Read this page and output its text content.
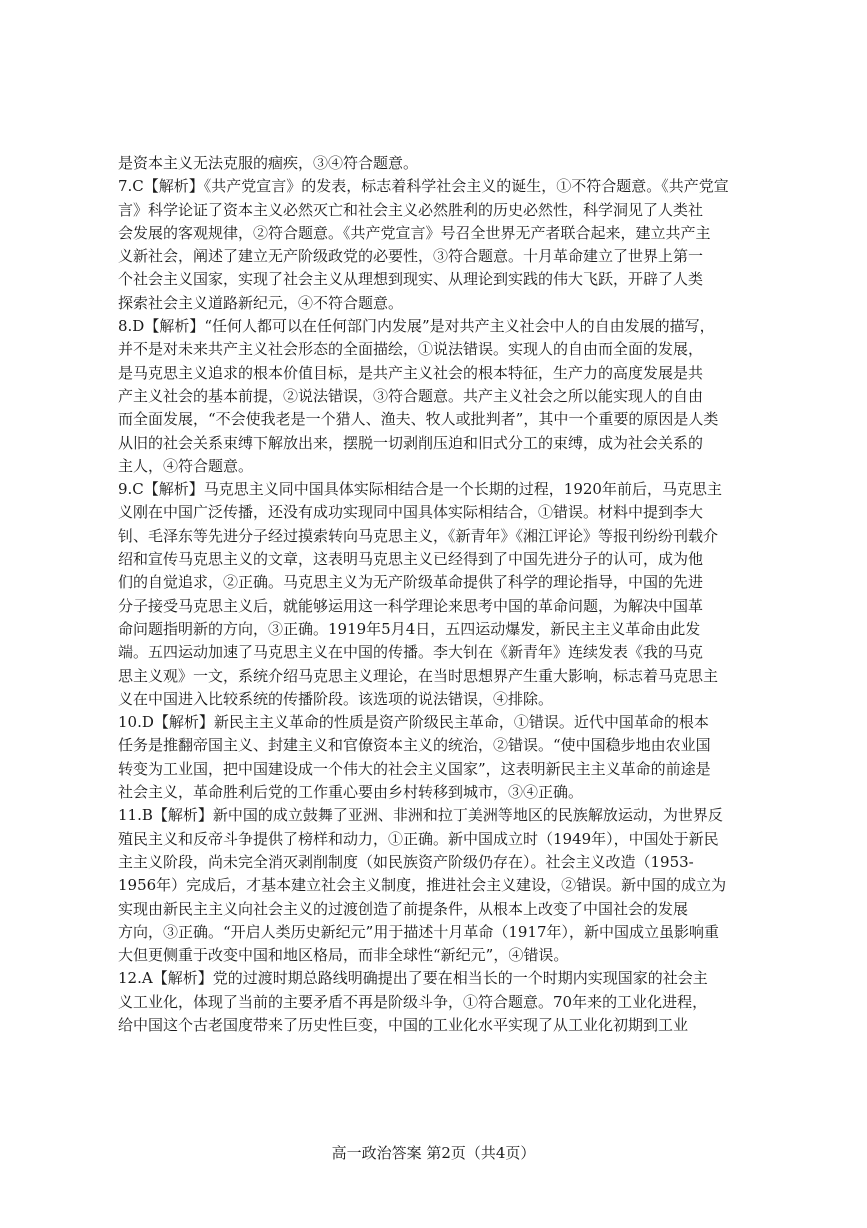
是资本主义无法克服的痼疾，③④符合题意。
7.C【解析】《共产党宣言》的发表，标志着科学社会主义的诞生，①不符合题意。《共产党宣
言》科学论证了资本主义必然灭亡和社会主义必然胜利的历史必然性，科学洞见了人类社
会发展的客观规律，②符合题意。《共产党宣言》号召全世界无产者联合起来，建立共产主
义新社会，阐述了建立无产阶级政党的必要性，③符合题意。十月革命建立了世界上第一
个社会主义国家，实现了社会主义从理想到现实、从理论到实践的伟大飞跃，开辟了人类
探索社会主义道路新纪元，④不符合题意。
8.D【解析】“任何人都可以在任何部门内发展”是对共产主义社会中人的自由发展的描写，
并不是对未来共产主义社会形态的全面描绘，①说法错误。实现人的自由而全面的发展，
是马克思主义追求的根本价值目标，是共产主义社会的根本特征，生产力的高度发展是共
产主义社会的基本前提，②说法错误，③符合题意。共产主义社会之所以能实现人的自由
而全面发展，“不会使我老是一个猎人、渔夫、牧人或批判者”，其中一个重要的原因是人类
从旧的社会关系束缚下解放出来，摆脱一切剥削压迫和旧式分工的束缚，成为社会关系的
主人，④符合题意。
9.C【解析】马克思主义同中国具体实际相结合是一个长期的过程，1920年前后，马克思主
义刚在中国广泛传播，还没有成功实现同中国具体实际相结合，①错误。材料中提到李大
钊、毛泽东等先进分子经过摸索转向马克思主义，《新青年》《湘江评论》等报刊纷纷刊载介
绍和宣传马克思主义的文章，这表明马克思主义已经得到了中国先进分子的认可，成为他
们的自觉追求，②正确。马克思主义为无产阶级革命提供了科学的理论指导，中国的先进
分子接受马克思主义后，就能够运用这一科学理论来思考中国的革命问题，为解决中国革
命问题指明新的方向，③正确。1919年5月4日，五四运动爆发，新民主主义革命由此发
端。五四运动加速了马克思主义在中国的传播。李大钊在《新青年》连续发表《我的马克
思主义观》一文，系统介绍马克思主义理论，在当时思想界产生重大影响，标志着马克思主
义在中国进入比较系统的传播阶段。该选项的说法错误，④排除。
10.D【解析】新民主主义革命的性质是资产阶级民主革命，①错误。近代中国革命的根本
任务是推翻帝国主义、封建主义和官僚资本主义的统治，②错误。“使中国稳步地由农业国
转变为工业国，把中国建设成一个伟大的社会主义国家”，这表明新民主主义革命的前途是
社会主义，革命胜利后党的工作重心要由乡村转移到城市，③④正确。
11.B【解析】新中国的成立鼓舞了亚洲、非洲和拉丁美洲等地区的民族解放运动，为世界反
殖民主义和反帝斗争提供了榜样和动力，①正确。新中国成立时（1949年），中国处于新民
主主义阶段，尚未完全消灭剥削制度（如民族资产阶级仍存在）。社会主义改造（1953-
1956年）完成后，才基本建立社会主义制度，推进社会主义建设，②错误。新中国的成立为
实现由新民主主义向社会主义的过渡创造了前提条件，从根本上改变了中国社会的发展
方向，③正确。“开启人类历史新纪元”用于描述十月革命（1917年），新中国成立虽影响重
大但更侧重于改变中国和地区格局，而非全球性“新纪元”，④错误。
12.A【解析】党的过渡时期总路线明确提出了要在相当长的一个时期内实现国家的社会主
义工业化，体现了当前的主要矛盾不再是阶级斗争，①符合题意。70年来的工业化进程，
给中国这个古老国度带来了历史性巨变，中国的工业化水平实现了从工业化初期到工业
高一政治答案 第2页（共4页）
